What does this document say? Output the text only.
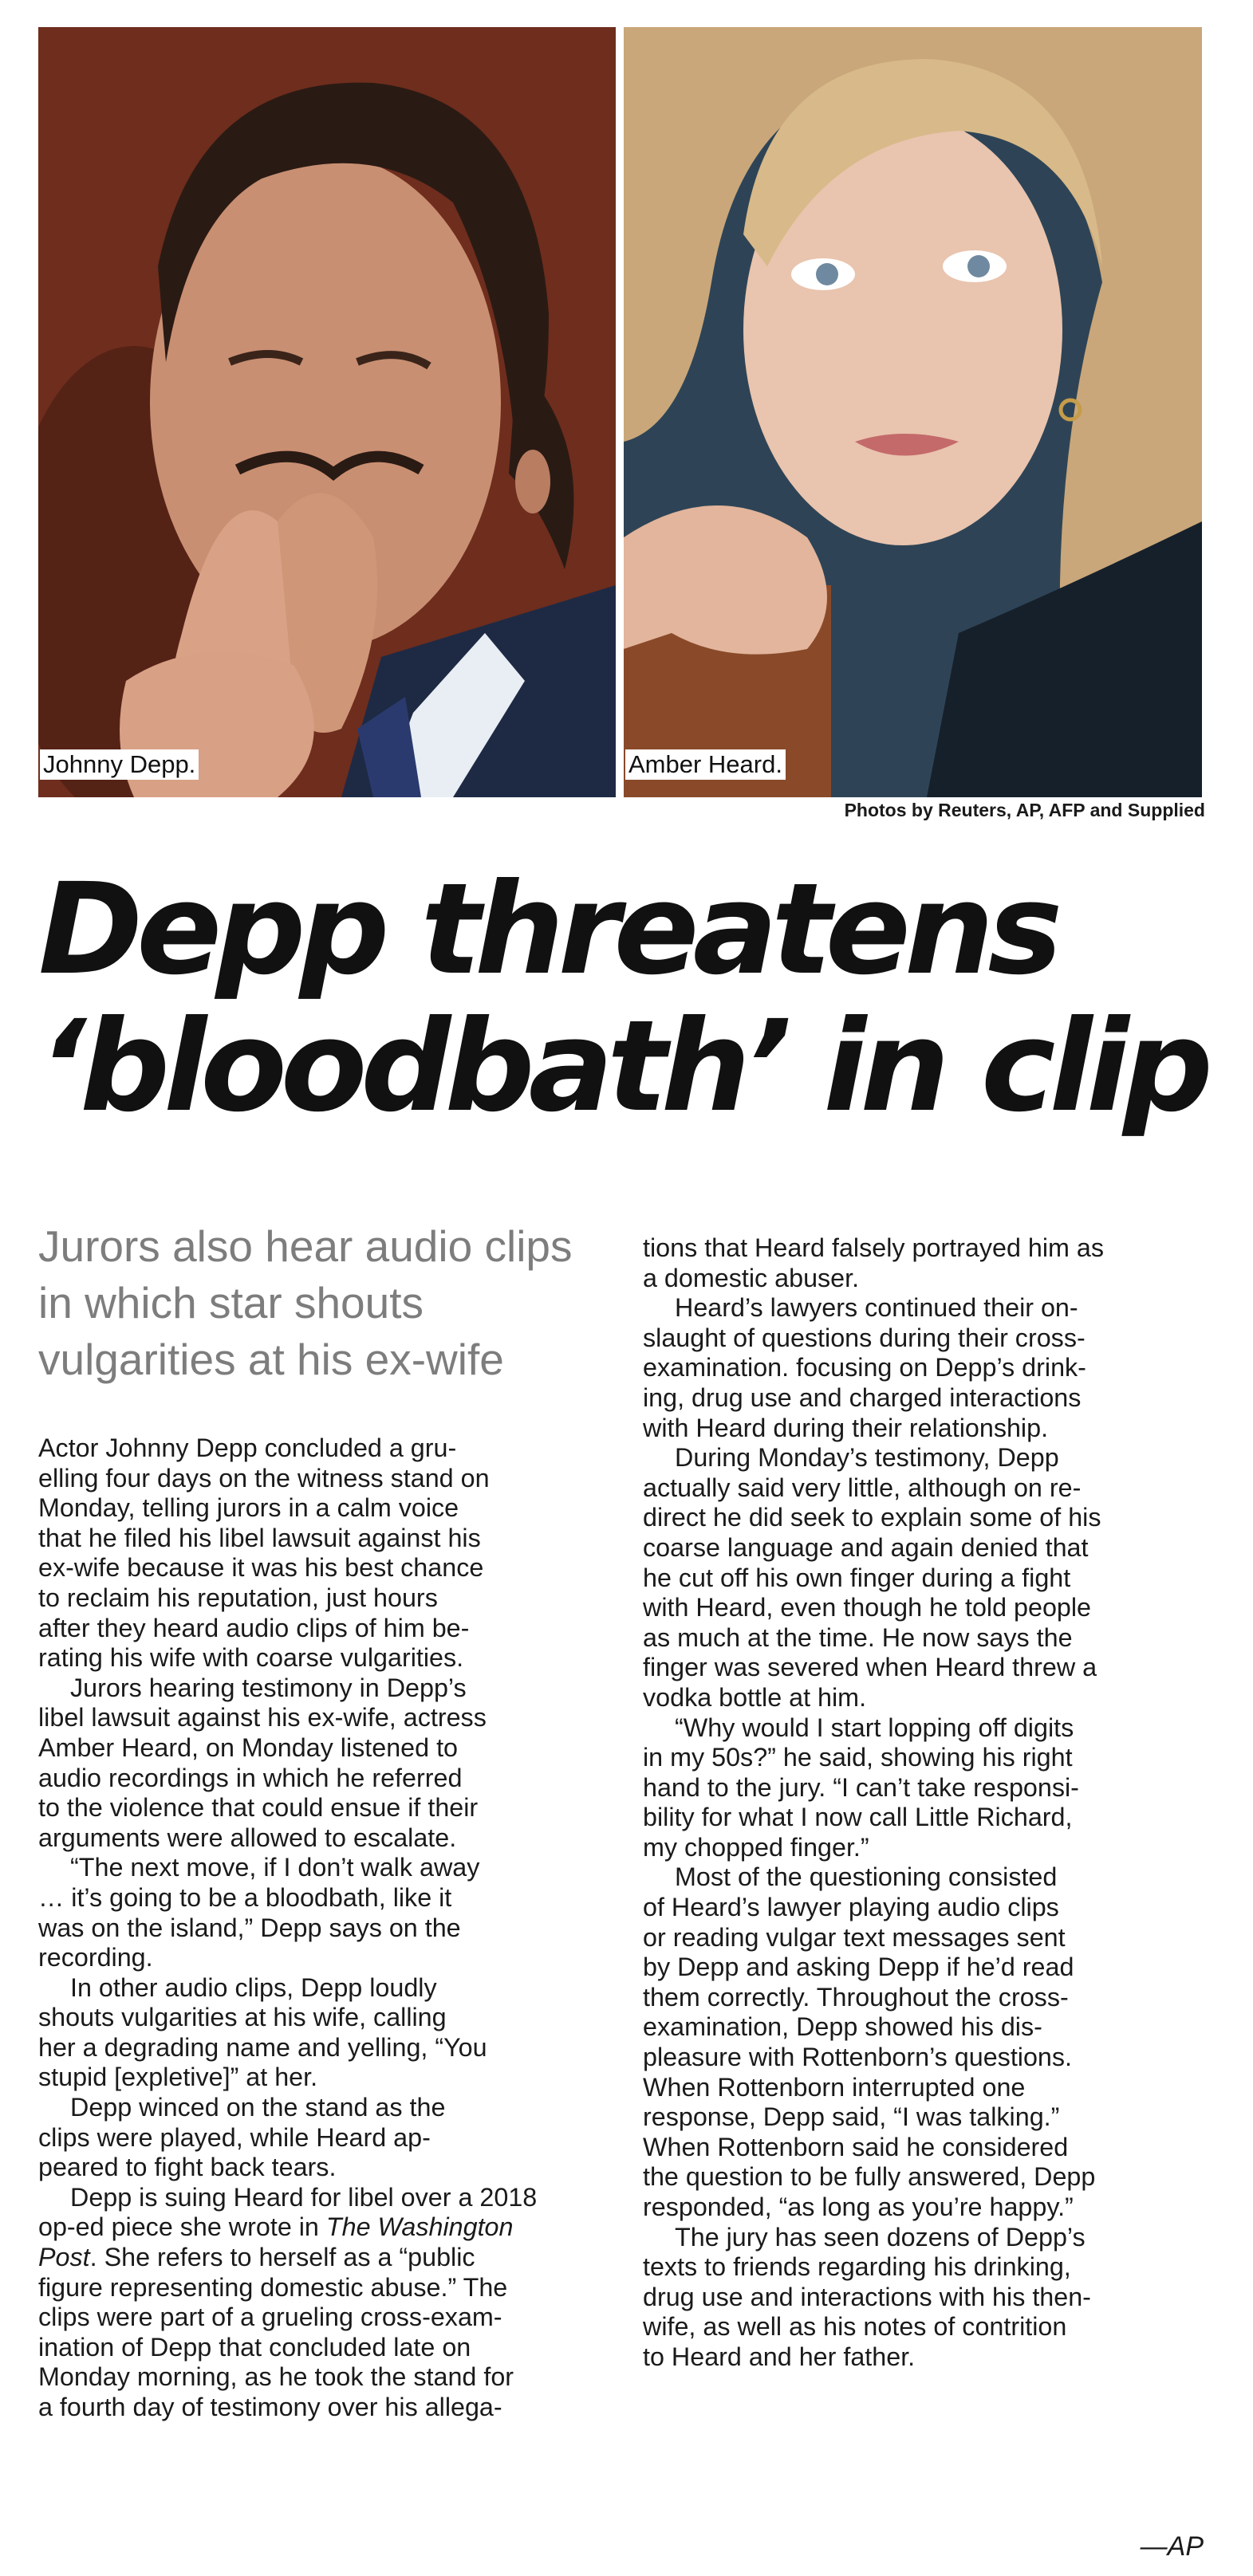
Johnny Depp.	Amber Heard.
Photos by Reuters, AP, AFP and Supplied
Depp threatens
‘bloodbath’ in clip
Jurors also hear audio clips in which star shouts vulgarities at his ex-wife

Actor Johnny Depp concluded a gru-
elling four days on the witness stand on
Monday, telling jurors in a calm voice
that he filed his libel lawsuit against his
ex-wife because it was his best chance
to reclaim his reputation, just hours
after they heard audio clips of him be-
rating his wife with coarse vulgarities.

Jurors hearing testimony in Depp’s
libel lawsuit against his ex-wife, actress
Amber Heard, on Monday listened to
audio recordings in which he referred
to the violence that could ensue if their
arguments were allowed to escalate.

“The next move, if I don’t walk away
… it’s going to be a bloodbath, like it
was on the island,” Depp says on the
recording.

In other audio clips, Depp loudly
shouts vulgarities at his wife, calling
her a degrading name and yelling, “You
stupid [expletive]” at her.

Depp winced on the stand as the
clips were played, while Heard ap-
peared to fight back tears.

Depp is suing Heard for libel over a 2018
op-ed piece she wrote in The Washington
Post. She refers to herself as a “public
figure representing domestic abuse.” The
clips were part of a grueling cross-exam-
ination of Depp that concluded late on
Monday morning, as he took the stand for
a fourth day of testimony over his allega-

tions that Heard falsely portrayed him as
a domestic abuser.

Heard’s lawyers continued their on-
slaught of questions during their cross-
examination. focusing on Depp’s drink-
ing, drug use and charged interactions
with Heard during their relationship.

During Monday’s testimony, Depp
actually said very little, although on re-
direct he did seek to explain some of his
coarse language and again denied that
he cut off his own finger during a fight
with Heard, even though he told people
as much at the time. He now says the
finger was severed when Heard threw a
vodka bottle at him.

“Why would I start lopping off digits
in my 50s?” he said, showing his right
hand to the jury. “I can’t take responsi-
bility for what I now call Little Richard,
my chopped finger.”

Most of the questioning consisted
of Heard’s lawyer playing audio clips
or reading vulgar text messages sent
by Depp and asking Depp if he’d read
them correctly. Throughout the cross-
examination, Depp showed his dis-
pleasure with Rottenborn’s questions.
When Rottenborn interrupted one
response, Depp said, “I was talking.”
When Rottenborn said he considered
the question to be fully answered, Depp
responded, “as long as you’re happy.”

The jury has seen dozens of Depp’s
texts to friends regarding his drinking,
drug use and interactions with his then-
wife, as well as his notes of contrition
to Heard and her father.

—AP
